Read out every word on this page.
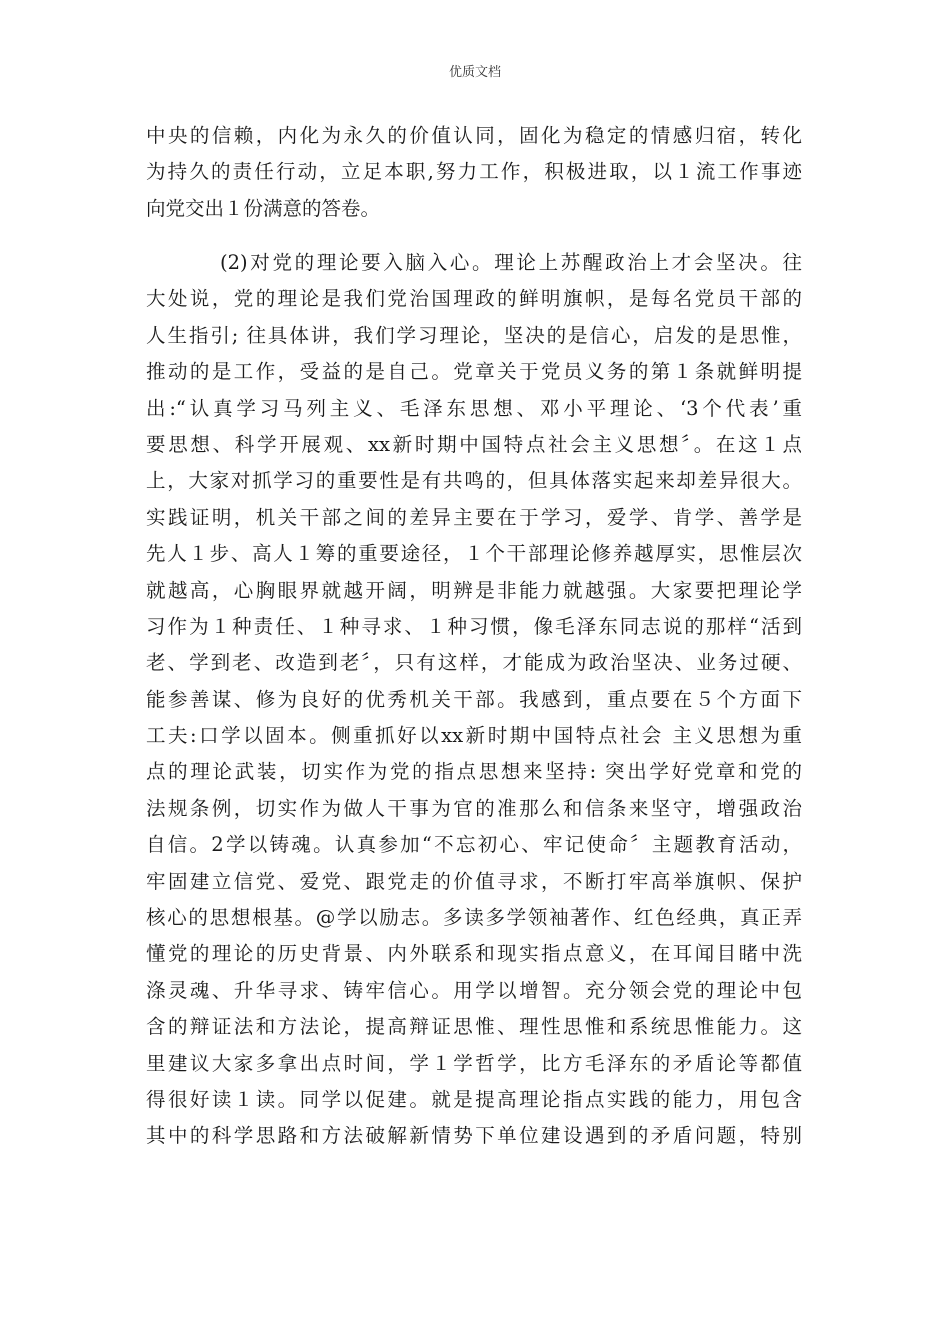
优质文档
中央的信赖，内化为永久的价值认同，固化为稳定的情感归宿，转化
为持久的责任行动，立足本职,努力工作，积极进取，以１流工作事迹
向党交出１份满意的答卷。
(2)对党的理论要入脑入心。理论上苏醒政治上才会坚决。往
大处说，党的理论是我们党治国理政的鲜明旗帜，是每名党员干部的
人生指引; 往具体讲，我们学习理论，坚决的是信心，启发的是思惟，
推动的是工作，受益的是自己。党章关于党员义务的第１条就鲜明提
出:“认真学习马列主义、毛泽东思想、邓小平理论、‘3个代表’重
要思想、科学开展观、xx新时期中国特点社会主义思想〞。在这１点
上，大家对抓学习的重要性是有共鸣的，但具体落实起来却差异很大。
实践证明，机关干部之间的差异主要在于学习，爱学、肯学、善学是
先人１步、高人１筹的重要途径，１个干部理论修养越厚实，思惟层次
就越高，心胸眼界就越开阔，明辨是非能力就越强。大家要把理论学
习作为１种责任、１种寻求、１种习惯，像毛泽东同志说的那样“活到
老、学到老、改造到老〞，只有这样，才能成为政治坚决、业务过硬、
能参善谋、修为良好的优秀机关干部。我感到，重点要在５个方面下
工夫:口学以固本。侧重抓好以xx新时期中国特点社会 主义思想为重
点的理论武装，切实作为党的指点思想来坚持: 突出学好党章和党的
法规条例，切实作为做人干事为官的准那么和信条来坚守，增强政治
自信。2学以铸魂。认真参加“不忘初心、牢记使命〞主题教育活动，
牢固建立信党、爱党、跟党走的价值寻求，不断打牢高举旗帜、保护
核心的思想根基。@学以励志。多读多学领袖著作、红色经典，真正弄
懂党的理论的历史背景、内外联系和现实指点意义，在耳闻目睹中洗
涤灵魂、升华寻求、铸牢信心。用学以增智。充分领会党的理论中包
含的辩证法和方法论，提高辩证思惟、理性思惟和系统思惟能力。这
里建议大家多拿出点时间，学１学哲学，比方毛泽东的矛盾论等都值
得很好读１读。同学以促建。就是提高理论指点实践的能力，用包含
其中的科学思路和方法破解新情势下单位建设遇到的矛盾问题，特别
